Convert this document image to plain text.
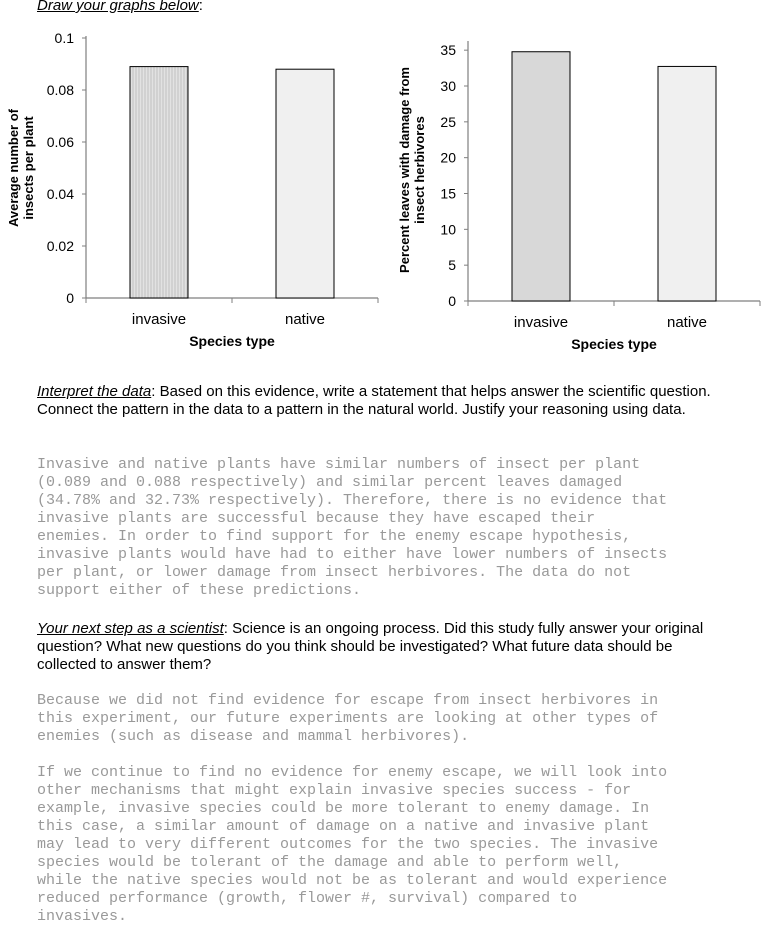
Draw your graphs below:
0
0.02
0.04
0.06
0.08
0.1
invasive	native
Species type
Average number ofinsects per plant
0
5
10
15
20
25
30
35
invasive	native
Species type
Percent leaves with damage frominsect herbivores
Interpret the data: Based on this evidence, write a statement that helps answer the scientific question. Connect the pattern in the data to a pattern in the natural world. Justify your reasoning using data.
Invasive and native plants have similar numbers of insect per plant
(0.089 and 0.088 respectively) and similar percent leaves damaged
(34.78% and 32.73% respectively). Therefore, there is no evidence that
invasive plants are successful because they have escaped their
enemies. In order to find support for the enemy escape hypothesis,
invasive plants would have had to either have lower numbers of insects
per plant, or lower damage from insect herbivores. The data do not
support either of these predictions.
Your next step as a scientist: Science is an ongoing process. Did this study fully answer your original question? What new questions do you think should be investigated? What future data should be collected to answer them?
Because we did not find evidence for escape from insect herbivores in
this experiment, our future experiments are looking at other types of
enemies (such as disease and mammal herbivores).
If we continue to find no evidence for enemy escape, we will look into
other mechanisms that might explain invasive species success - for
example, invasive species could be more tolerant to enemy damage. In
this case, a similar amount of damage on a native and invasive plant
may lead to very different outcomes for the two species. The invasive
species would be tolerant of the damage and able to perform well,
while the native species would not be as tolerant and would experience
reduced performance (growth, flower #, survival) compared to
invasives.
